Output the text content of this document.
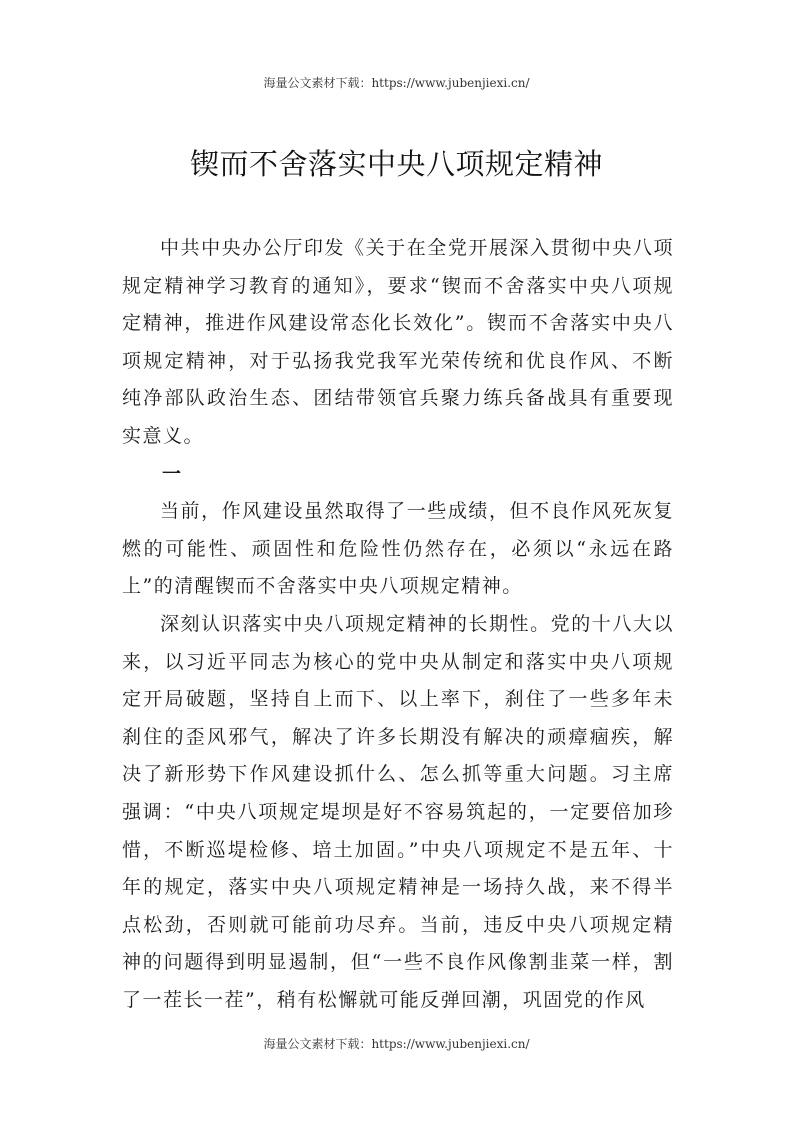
海量公文素材下载：https://www.jubenjiexi.cn/
锲而不舍落实中央八项规定精神

中共中央办公厅印发《关于在全党开展深入贯彻中央八项规定精神学习教育的通知》，要求“锲而不舍落实中央八项规定精神，推进作风建设常态化长效化”。锲而不舍落实中央八项规定精神，对于弘扬我党我军光荣传统和优良作风、不断纯净部队政治生态、团结带领官兵聚力练兵备战具有重要现实意义。

一

当前，作风建设虽然取得了一些成绩，但不良作风死灰复燃的可能性、顽固性和危险性仍然存在，必须以“永远在路上”的清醒锲而不舍落实中央八项规定精神。

深刻认识落实中央八项规定精神的长期性。党的十八大以来，以习近平同志为核心的党中央从制定和落实中央八项规定开局破题，坚持自上而下、以上率下，刹住了一些多年未刹住的歪风邪气，解决了许多长期没有解决的顽瘴痼疾，解决了新形势下作风建设抓什么、怎么抓等重大问题。习主席强调：“中央八项规定堤坝是好不容易筑起的，一定要倍加珍惜，不断巡堤检修、培土加固。”中央八项规定不是五年、十年的规定，落实中央八项规定精神是一场持久战，来不得半点松劲，否则就可能前功尽弃。当前，违反中央八项规定精神的问题得到明显遏制，但“一些不良作风像割韭菜一样，割了一茬长一茬”，稍有松懈就可能反弹回潮，巩固党的作风

海量公文素材下载：https://www.jubenjiexi.cn/
